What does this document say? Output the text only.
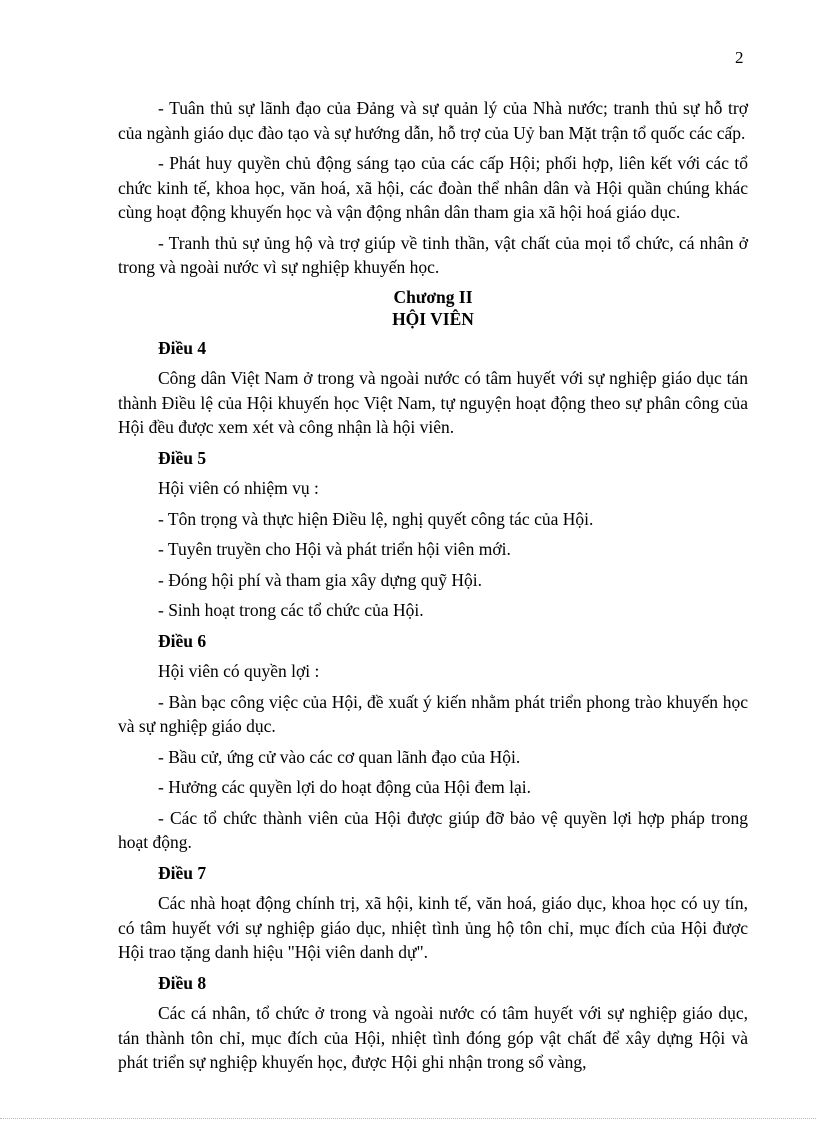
2

- Tuân thủ sự lãnh đạo của Đảng và sự quản lý của Nhà nước; tranh thủ sự hỗ trợ của ngành giáo dục đào tạo và sự hướng dẫn, hỗ trợ của Uỷ ban Mặt trận tổ quốc các cấp.

- Phát huy quyền chủ động sáng tạo của các cấp Hội; phối hợp, liên kết với các tổ chức kinh tế, khoa học, văn hoá, xã hội, các đoàn thể nhân dân và Hội quần chúng khác cùng hoạt động khuyến học và vận động nhân dân tham gia xã hội hoá giáo dục.

- Tranh thủ sự ủng hộ và trợ giúp về tinh thần, vật chất của mọi tổ chức, cá nhân ở trong và ngoài nước vì sự nghiệp khuyến học.

Chương II
HỘI VIÊN

Điều 4

Công dân Việt Nam ở trong và ngoài nước có tâm huyết với sự nghiệp giáo dục tán thành Điều lệ của Hội khuyến học Việt Nam, tự nguyện hoạt động theo sự phân công của Hội đều được xem xét và công nhận là hội viên.

Điều 5

Hội viên có nhiệm vụ :

- Tôn trọng và thực hiện Điều lệ, nghị quyết công tác của Hội.

- Tuyên truyền cho Hội và phát triển hội viên mới.

- Đóng hội phí và tham gia xây dựng quỹ Hội.

- Sinh hoạt trong các tổ chức của Hội.

Điều 6

Hội viên có quyền lợi :

- Bàn bạc công việc của Hội, đề xuất ý kiến nhằm phát triển phong trào khuyến học và sự nghiệp giáo dục.

- Bầu cử, ứng cử vào các cơ quan lãnh đạo của Hội.

- Hưởng các quyền lợi do hoạt động của Hội đem lại.

- Các tổ chức thành viên của Hội được giúp đỡ bảo vệ quyền lợi hợp pháp trong hoạt động.

Điều 7

Các nhà hoạt động chính trị, xã hội, kinh tế, văn hoá, giáo dục, khoa học có uy tín, có tâm huyết với sự nghiệp giáo dục, nhiệt tình ủng hộ tôn chỉ, mục đích của Hội được Hội trao tặng danh hiệu "Hội viên danh dự".

Điều 8

Các cá nhân, tổ chức ở trong và ngoài nước có tâm huyết với sự nghiệp giáo dục, tán thành tôn chỉ, mục đích của Hội, nhiệt tình đóng góp vật chất để xây dựng Hội và phát triển sự nghiệp khuyến học, được Hội ghi nhận trong sổ vàng,
